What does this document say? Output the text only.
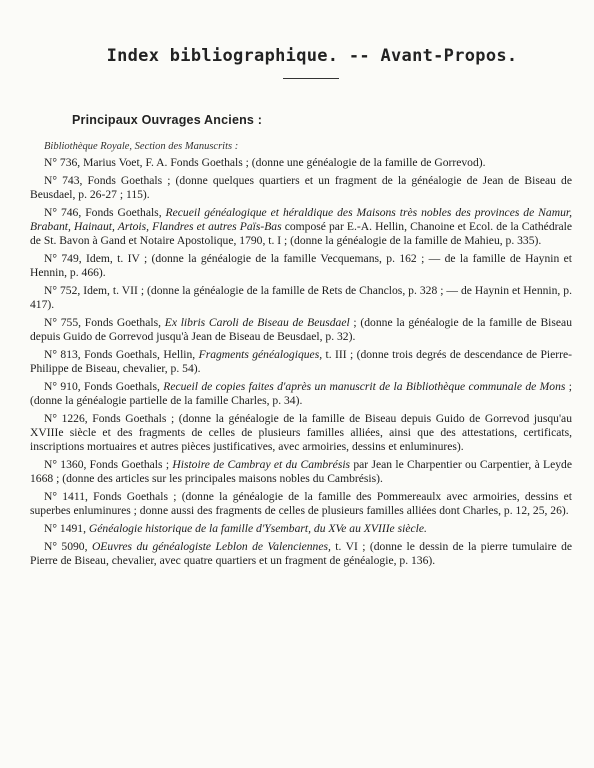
Index bibliographique. -- Avant-Propos.
Principaux Ouvrages Anciens :
Bibliothèque Royale, Section des Manuscrits :
N° 736, Marius Voet, F. A. Fonds Goethals ; (donne une généalogie de la famille de Gorrevod).
N° 743, Fonds Goethals ; (donne quelques quartiers et un fragment de la généalogie de Jean de Biseau de Beusdael, p. 26-27 ; 115).
N° 746, Fonds Goethals, Recueil généalogique et héraldique des Maisons très nobles des provinces de Namur, Brabant, Hainaut, Artois, Flandres et autres Païs-Bas composé par E.-A. Hellin, Chanoine et Ecol. de la Cathédrale de St. Bavon à Gand et Notaire Apostolique, 1790, t. I ; (donne la généalogie de la famille de Mahieu, p. 335).
N° 749, Idem, t. IV ; (donne la généalogie de la famille Vecquemans, p. 162 ; — de la famille de Haynin et Hennin, p. 466).
N° 752, Idem, t. VII ; (donne la généalogie de la famille de Rets de Chanclos, p. 328 ; — de Haynin et Hennin, p. 417).
N° 755, Fonds Goethals, Ex libris Caroli de Biseau de Beusdael ; (donne la généalogie de la famille de Biseau depuis Guido de Gorrevod jusqu'à Jean de Biseau de Beusdael, p. 32).
N° 813, Fonds Goethals, Hellin, Fragments généalogiques, t. III ; (donne trois degrés de descendance de Pierre-Philippe de Biseau, chevalier, p. 54).
N° 910, Fonds Goethals, Recueil de copies faites d'après un manuscrit de la Bibliothèque communale de Mons ; (donne la généalogie partielle de la famille Charles, p. 34).
N° 1226, Fonds Goethals ; (donne la généalogie de la famille de Biseau depuis Guido de Gorrevod jusqu'au XVIIIe siècle et des fragments de celles de plusieurs familles alliées, ainsi que des attestations, certificats, inscriptions mortuaires et autres pièces justificatives, avec armoiries, dessins et enluminures).
N° 1360, Fonds Goethals ; Histoire de Cambray et du Cambrésis par Jean le Charpentier ou Carpentier, à Leyde 1668 ; (donne des articles sur les principales maisons nobles du Cambrésis).
N° 1411, Fonds Goethals ; (donne la généalogie de la famille des Pommereaulx avec armoiries, dessins et superbes enluminures ; donne aussi des fragments de celles de plusieurs familles alliées dont Charles, p. 12, 25, 26).
N° 1491, Généalogie historique de la famille d'Ysembart, du XVe au XVIIIe siècle.
N° 5090, OEuvres du généalogiste Leblon de Valenciennes, t. VI ; (donne le dessin de la pierre tumulaire de Pierre de Biseau, chevalier, avec quatre quartiers et un fragment de généalogie, p. 136).
